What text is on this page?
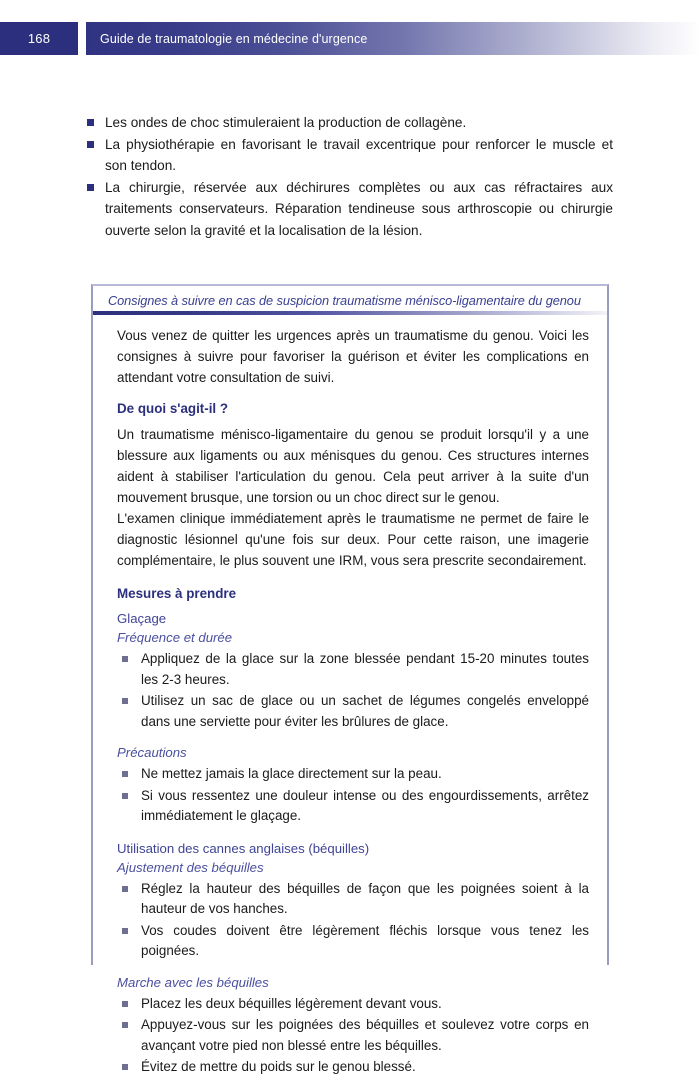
168	Guide de traumatologie en médecine d'urgence
Les ondes de choc stimuleraient la production de collagène.
La physiothérapie en favorisant le travail excentrique pour renforcer le muscle et son tendon.
La chirurgie, réservée aux déchirures complètes ou aux cas réfractaires aux traitements conservateurs. Réparation tendineuse sous arthroscopie ou chirurgie ouverte selon la gravité et la localisation de la lésion.
Consignes à suivre en cas de suspicion traumatisme ménisco-ligamentaire du genou

Vous venez de quitter les urgences après un traumatisme du genou. Voici les consignes à suivre pour favoriser la guérison et éviter les complications en attendant votre consultation de suivi.

De quoi s'agit-il ?

Un traumatisme ménisco-ligamentaire du genou se produit lorsqu'il y a une blessure aux ligaments ou aux ménisques du genou. Ces structures internes aident à stabiliser l'articulation du genou. Cela peut arriver à la suite d'un mouvement brusque, une torsion ou un choc direct sur le genou.

L'examen clinique immédiatement après le traumatisme ne permet de faire le diagnostic lésionnel qu'une fois sur deux. Pour cette raison, une imagerie complémentaire, le plus souvent une IRM, vous sera prescrite secondairement.

Mesures à prendre
Glaçage
Fréquence et durée
Appliquez de la glace sur la zone blessée pendant 15-20 minutes toutes les 2-3 heures.
Utilisez un sac de glace ou un sachet de légumes congelés enveloppé dans une serviette pour éviter les brûlures de glace.
Précautions
Ne mettez jamais la glace directement sur la peau.
Si vous ressentez une douleur intense ou des engourdissements, arrêtez immédiatement le glaçage.
Utilisation des cannes anglaises (béquilles)
Ajustement des béquilles
Réglez la hauteur des béquilles de façon que les poignées soient à la hauteur de vos hanches.
Vos coudes doivent être légèrement fléchis lorsque vous tenez les poignées.
Marche avec les béquilles
Placez les deux béquilles légèrement devant vous.
Appuyez-vous sur les poignées des béquilles et soulevez votre corps en avançant votre pied non blessé entre les béquilles.
Évitez de mettre du poids sur le genou blessé.
